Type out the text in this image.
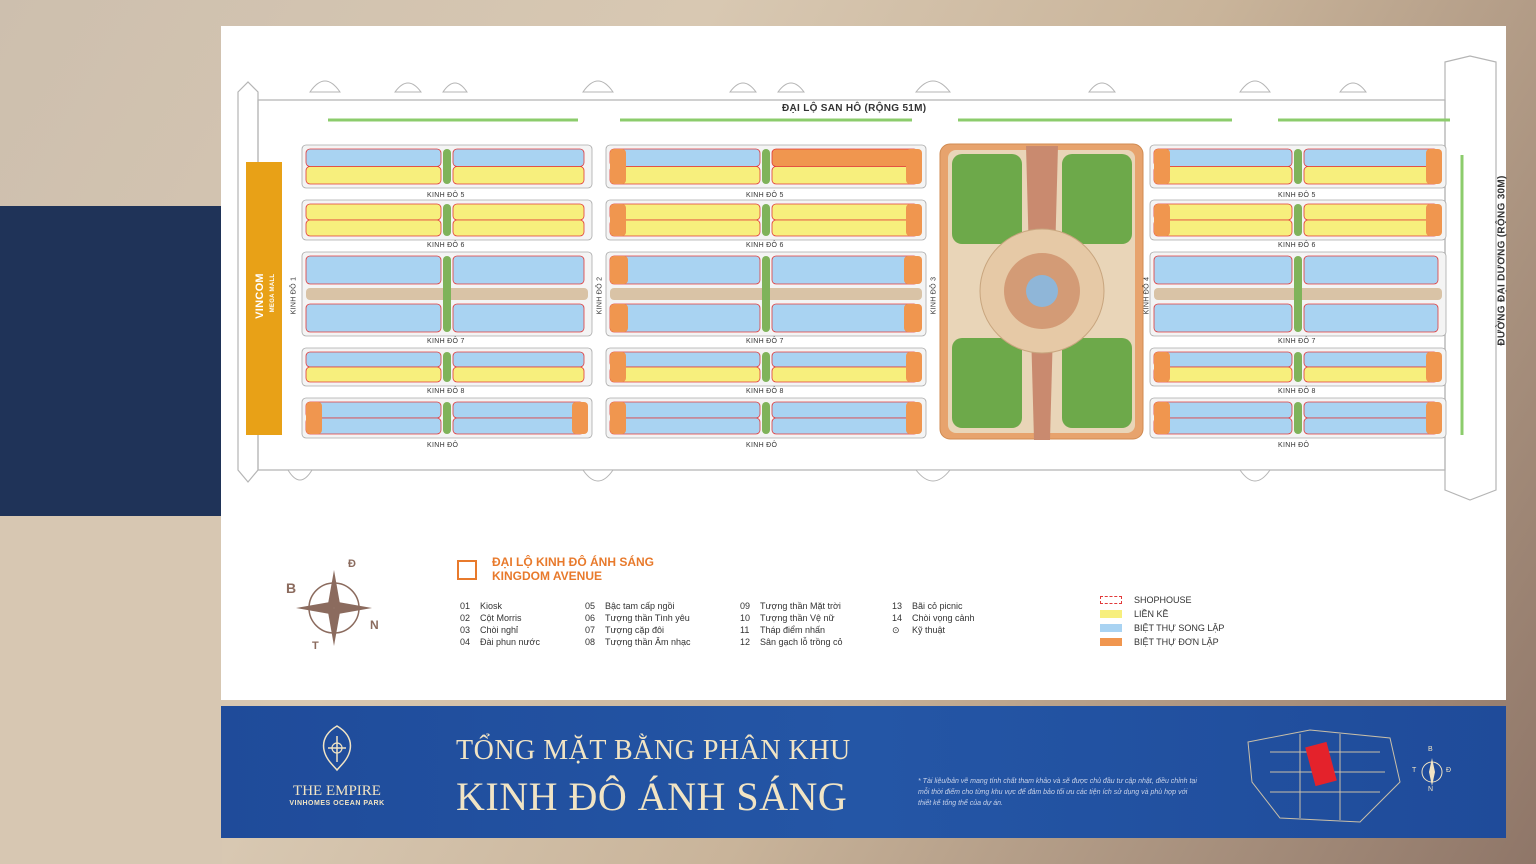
ĐẠI LỘ SAN HÔ (RỘNG 51M)
ĐƯỜNG ĐẠI DƯƠNG (RỘNG 30M)
VINCOM MEGA MALL
KINH ĐÔ 5
KINH ĐÔ 6
KINH ĐÔ 7
KINH ĐÔ 8
KINH ĐÔ
KINH ĐÔ 5
KINH ĐÔ 6
KINH ĐÔ 7
KINH ĐÔ 8
KINH ĐÔ
KINH ĐÔ 5
KINH ĐÔ 6
KINH ĐÔ 7
KINH ĐÔ 8
KINH ĐÔ
KINH ĐÔ 1	KINH ĐÔ 2	KINH ĐÔ 3	KINH ĐÔ 4
Đ
B
N
T
ĐẠI LỘ KINH ĐÔ ÁNH SÁNG
KINGDOM AVENUE
01 Kiosk
02 Cột Morris
03 Chòi nghỉ
04 Đài phun nước
05 Bậc tam cấp ngồi
06 Tượng thần Tình yêu
07 Tượng cặp đôi
08 Tượng thần Âm nhạc
09 Tượng thần Mặt trời
10 Tượng thần Vệ nữ
11 Tháp điểm nhấn
12 Sân gạch lỗ trồng cỏ
13 Bãi cỏ picnic
14 Chòi vọng cảnh
⊙ Kỹ thuật
SHOPHOUSE
LIỀN KỀ
BIỆT THỰ SONG LẬP
BIỆT THỰ ĐƠN LẬP
THE EMPIRE
VINHOMES OCEAN PARK
TỔNG MẶT BẰNG PHÂN KHU
KINH ĐÔ ÁNH SÁNG	* Tài liệu/bản vẽ mang tính chất tham khảo và sẽ được chủ đầu tư cập nhật, điều chỉnh tại mỗi thời điểm cho từng khu vực để đảm bảo tối ưu các tiện ích sử dụng và phù hợp với thiết kế tổng thể của dự án.
B
T	Đ
N
